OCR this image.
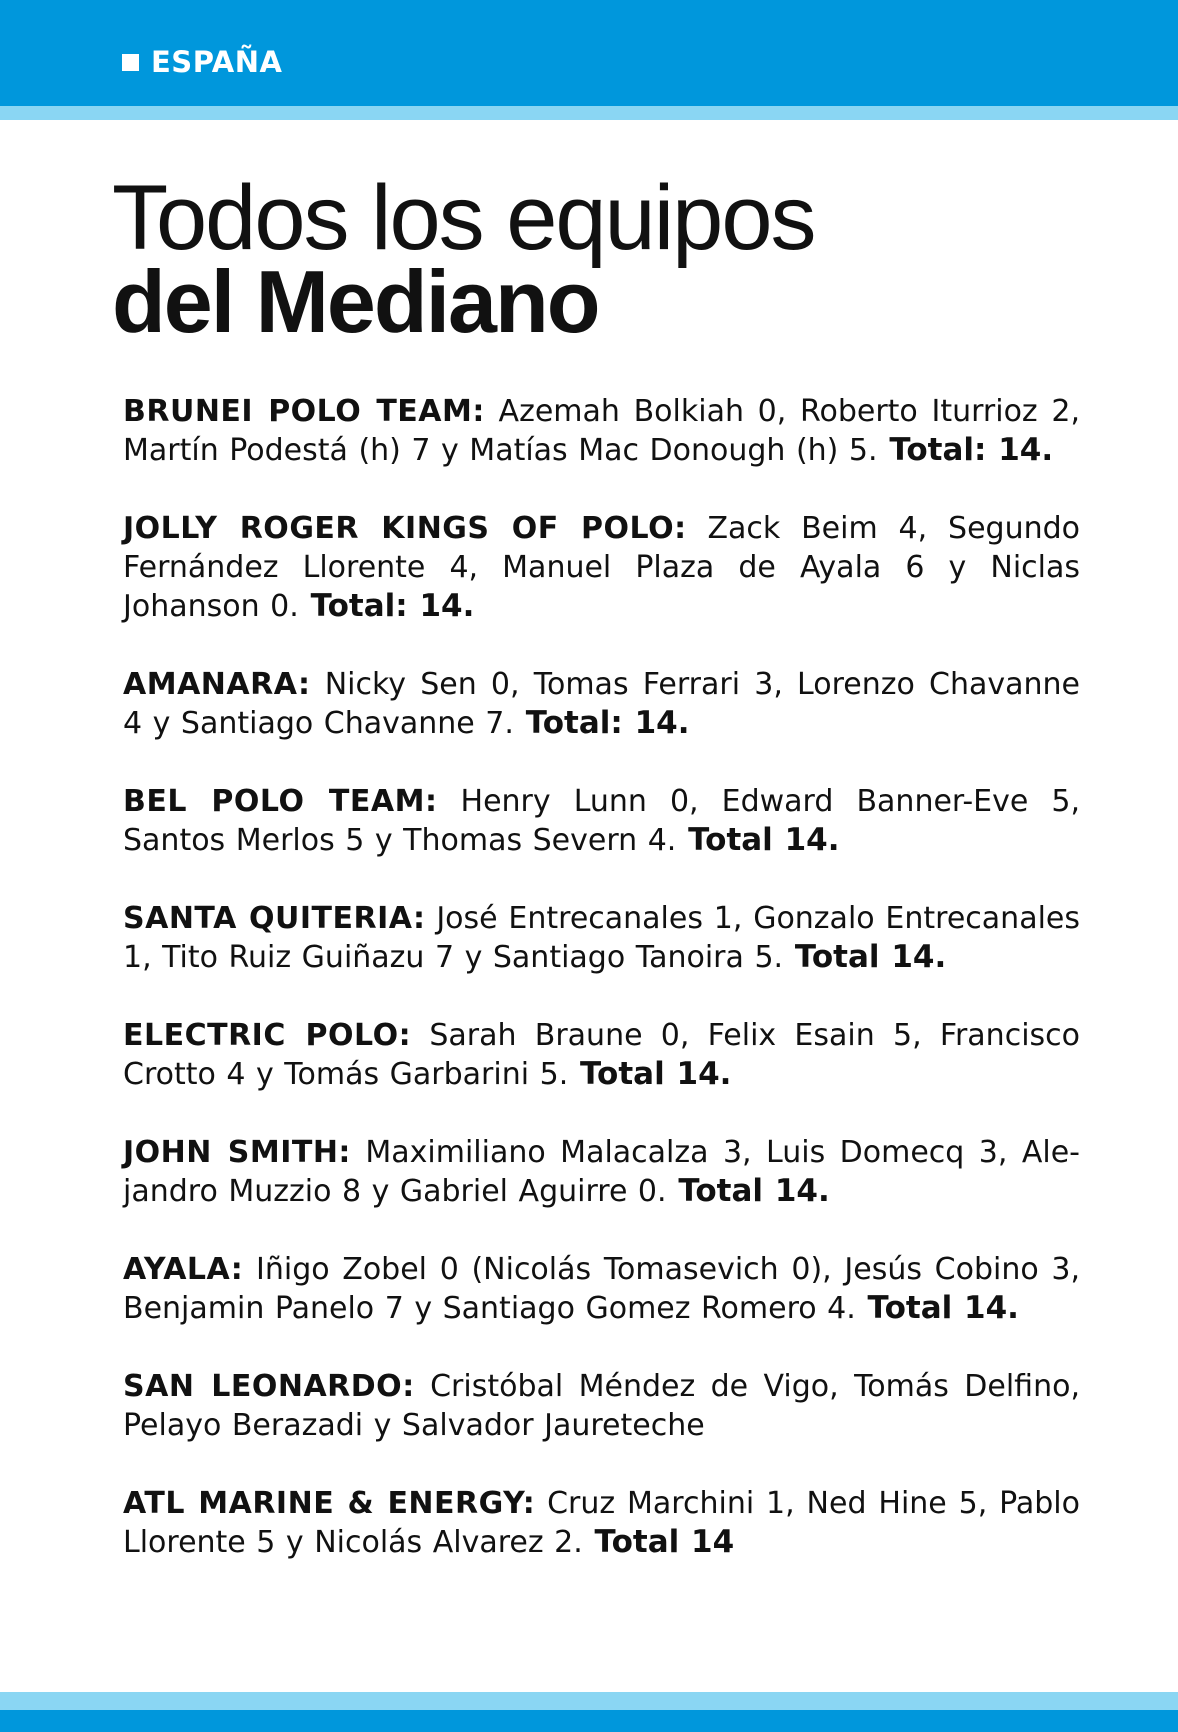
ESPAÑA
Todos los equipos
del Mediano

BRUNEI POLO TEAM: Azemah Bolkiah 0, Roberto Iturrioz 2, Martín Podestá (h) 7 y Matías Mac Donough (h) 5. Total: 14.

JOLLY ROGER KINGS OF POLO: Zack Beim 4, Segundo Fernández Llorente 4, Manuel Plaza de Ayala 6 y Niclas Johanson 0. Total: 14.

AMANARA: Nicky Sen 0, Tomas Ferrari 3, Lorenzo Chavanne 4 y Santiago Chavanne 7. Total: 14.

BEL POLO TEAM: Henry Lunn 0, Edward Banner-Eve 5, Santos Merlos 5 y Thomas Severn 4. Total 14.

SANTA QUITERIA: José Entrecanales 1, Gonzalo Entrecanales 1, Tito Ruiz Guiñazu 7 y Santiago Tanoira 5. Total 14.

ELECTRIC POLO: Sarah Braune 0, Felix Esain 5, Francisco Crotto 4 y Tomás Garbarini 5. Total 14.

JOHN SMITH: Maximiliano Malacalza 3, Luis Domecq 3, Alejandro Muzzio 8 y Gabriel Aguirre 0. Total 14.

AYALA: Iñigo Zobel 0 (Nicolás Tomasevich 0), Jesús Cobino 3, Benjamin Panelo 7 y Santiago Gomez Romero 4. Total 14.

SAN LEONARDO: Cristóbal Méndez de Vigo, Tomás Delfino, Pelayo Berazadi y Salvador Jaureteche

ATL MARINE & ENERGY: Cruz Marchini 1, Ned Hine 5, Pablo Llorente 5 y Nicolás Alvarez 2. Total 14
